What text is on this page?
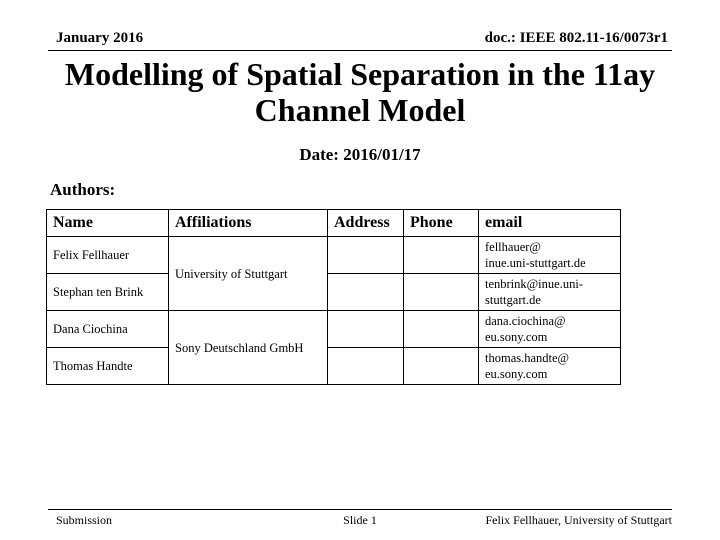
January 2016	doc.: IEEE 802.11-16/0073r1
Modelling of Spatial Separation in the 11ay
Channel Model
Date: 2016/01/17
Authors:
Name	Affiliations	Address	Phone	email
Felix Fellhauer	University of Stuttgart			fellhauer@
inue.uni-stuttgart.de

Stephan ten Brink				tenbrink@inue.uni-
stuttgart.de

Dana Ciochina	Sony Deutschland GmbH			dana.ciochina@
eu.sony.com

Thomas Handte				thomas.handte@
eu.sony.com
Submission	Slide 1	Felix Fellhauer, University of Stuttgart
